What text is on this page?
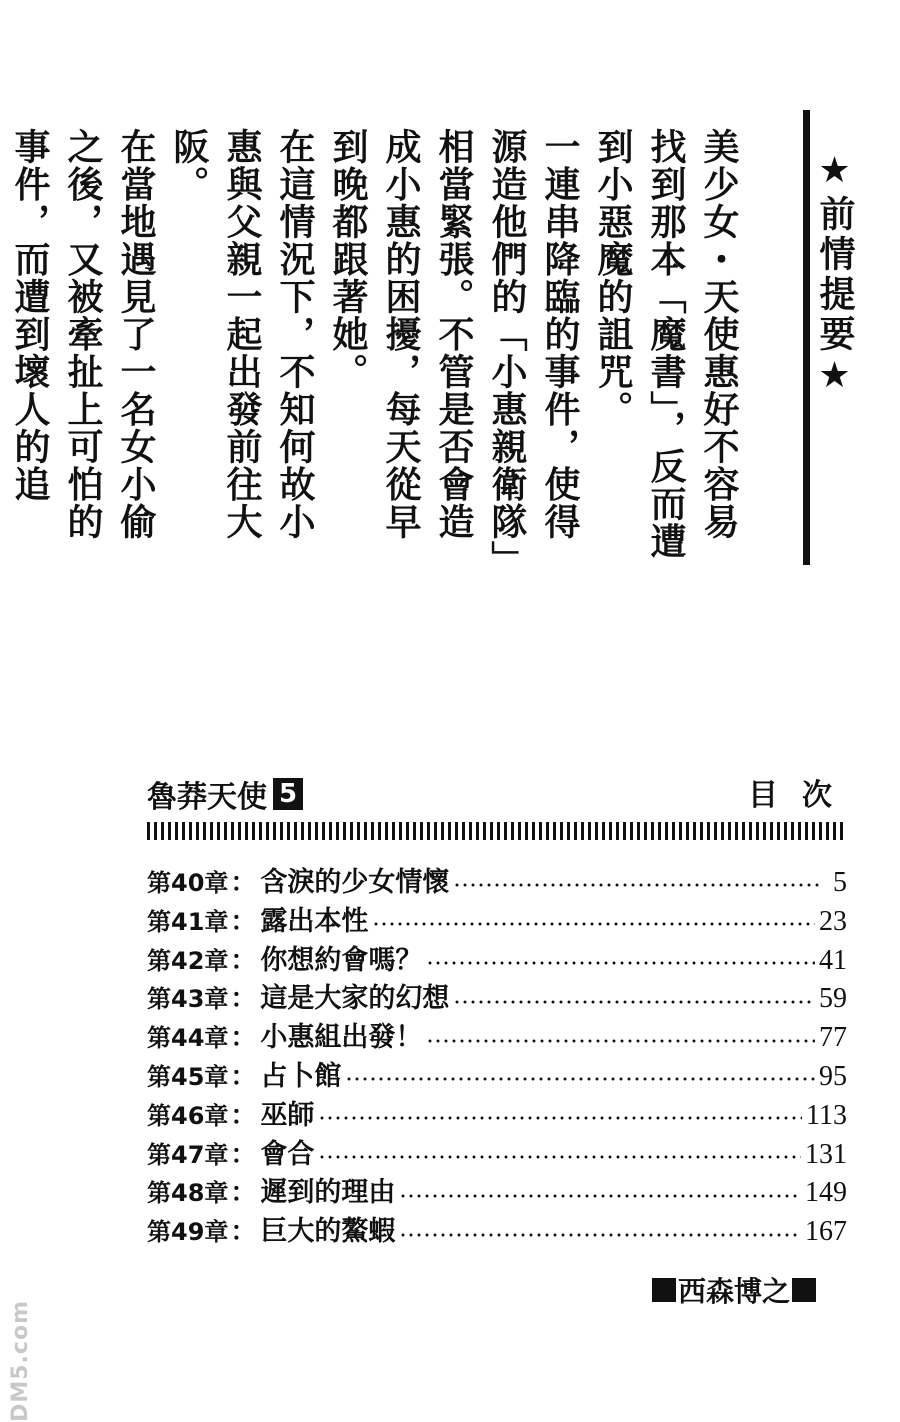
★前情提要★

美少女・天使惠好不容易找到那本「魔書」，反而遭到小惡魔的詛咒。

一連串降臨的事件，使得源造他們的「小惠親衛隊」相當緊張。不管是否會造成小惠的困擾，每天從早到晚都跟著她。

在這情況下，不知何故小惠與父親一起出發前往大阪。

在當地遇見了一名女小偷之後，又被牽扯上可怕的事件，而遭到壞人的追

魯莽天使 5	目次
第40章 ： 含淚的少女情懷	5
第41章 ： 露出本性	23
第42章 ： 你想約會嗎？	41
第43章 ： 這是大家的幻想	59
第44章 ： 小惠組出發！	77
第45章 ： 占卜館	95
第46章 ： 巫師	113
第47章 ： 會合	131
第48章 ： 遲到的理由	149
第49章 ： 巨大的鰲蝦	167
西森博之
DM5.com
